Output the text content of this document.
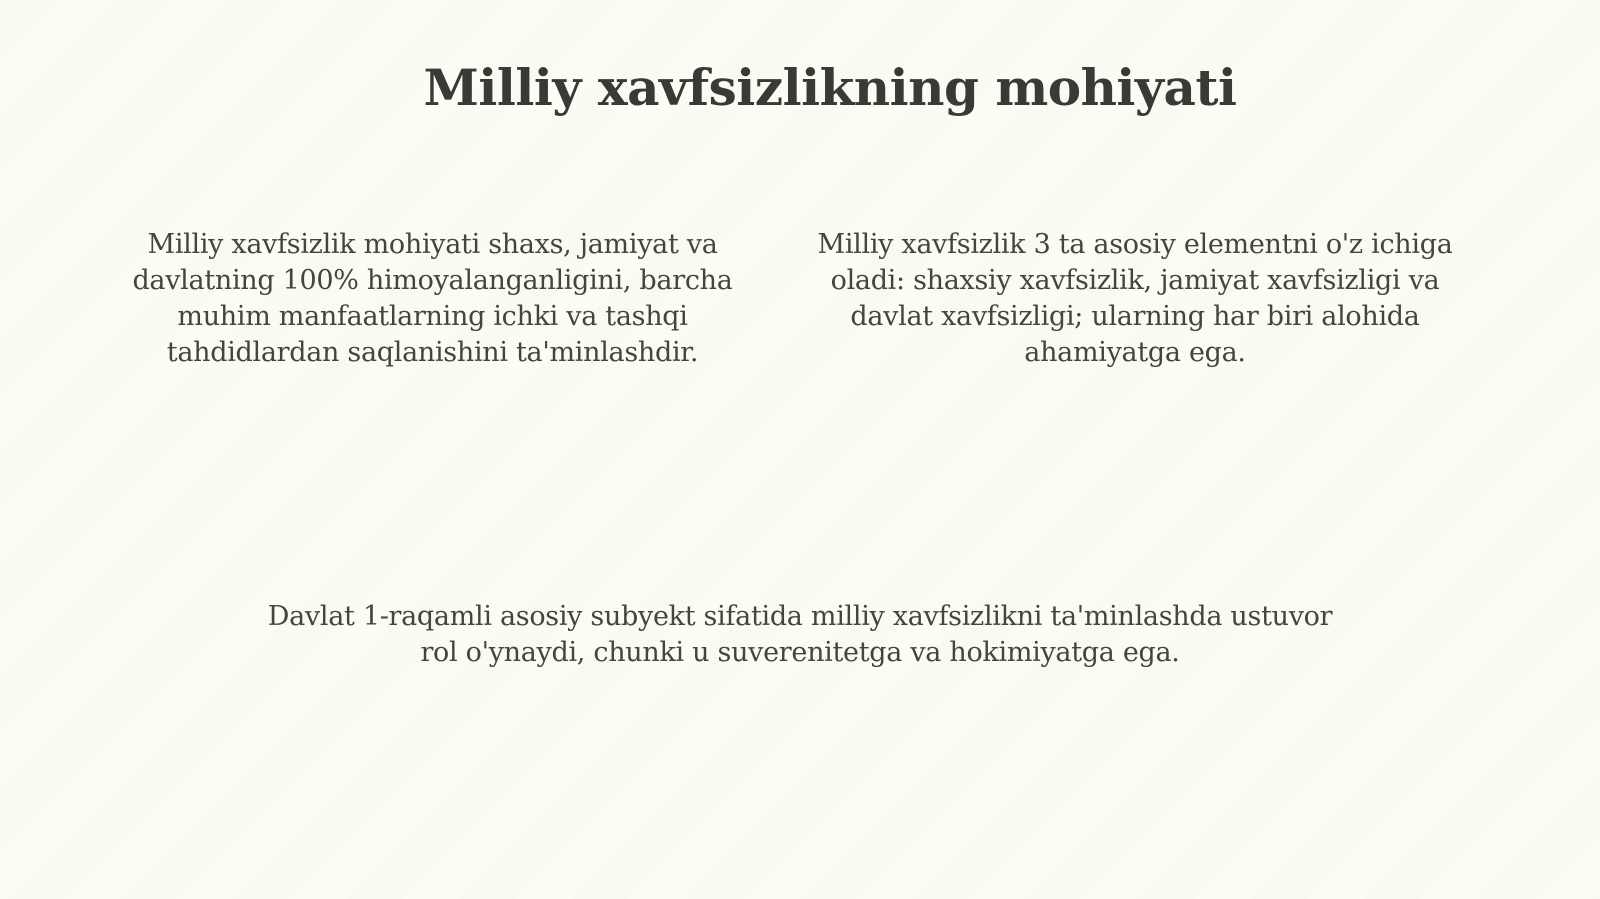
Milliy xavfsizlikning mohiyati

Milliy xavfsizlik mohiyati shaxs, jamiyat va davlatning 100% himoyalanganligini, barcha muhim manfaatlarning ichki va tashqi tahdidlardan saqlanishini ta'minlashdir.

Milliy xavfsizlik 3 ta asosiy elementni o'z ichiga oladi: shaxsiy xavfsizlik, jamiyat xavfsizligi va davlat xavfsizligi; ularning har biri alohida ahamiyatga ega.

Davlat 1-raqamli asosiy subyekt sifatida milliy xavfsizlikni ta'minlashda ustuvor rol o'ynaydi, chunki u suverenitetga va hokimiyatga ega.
